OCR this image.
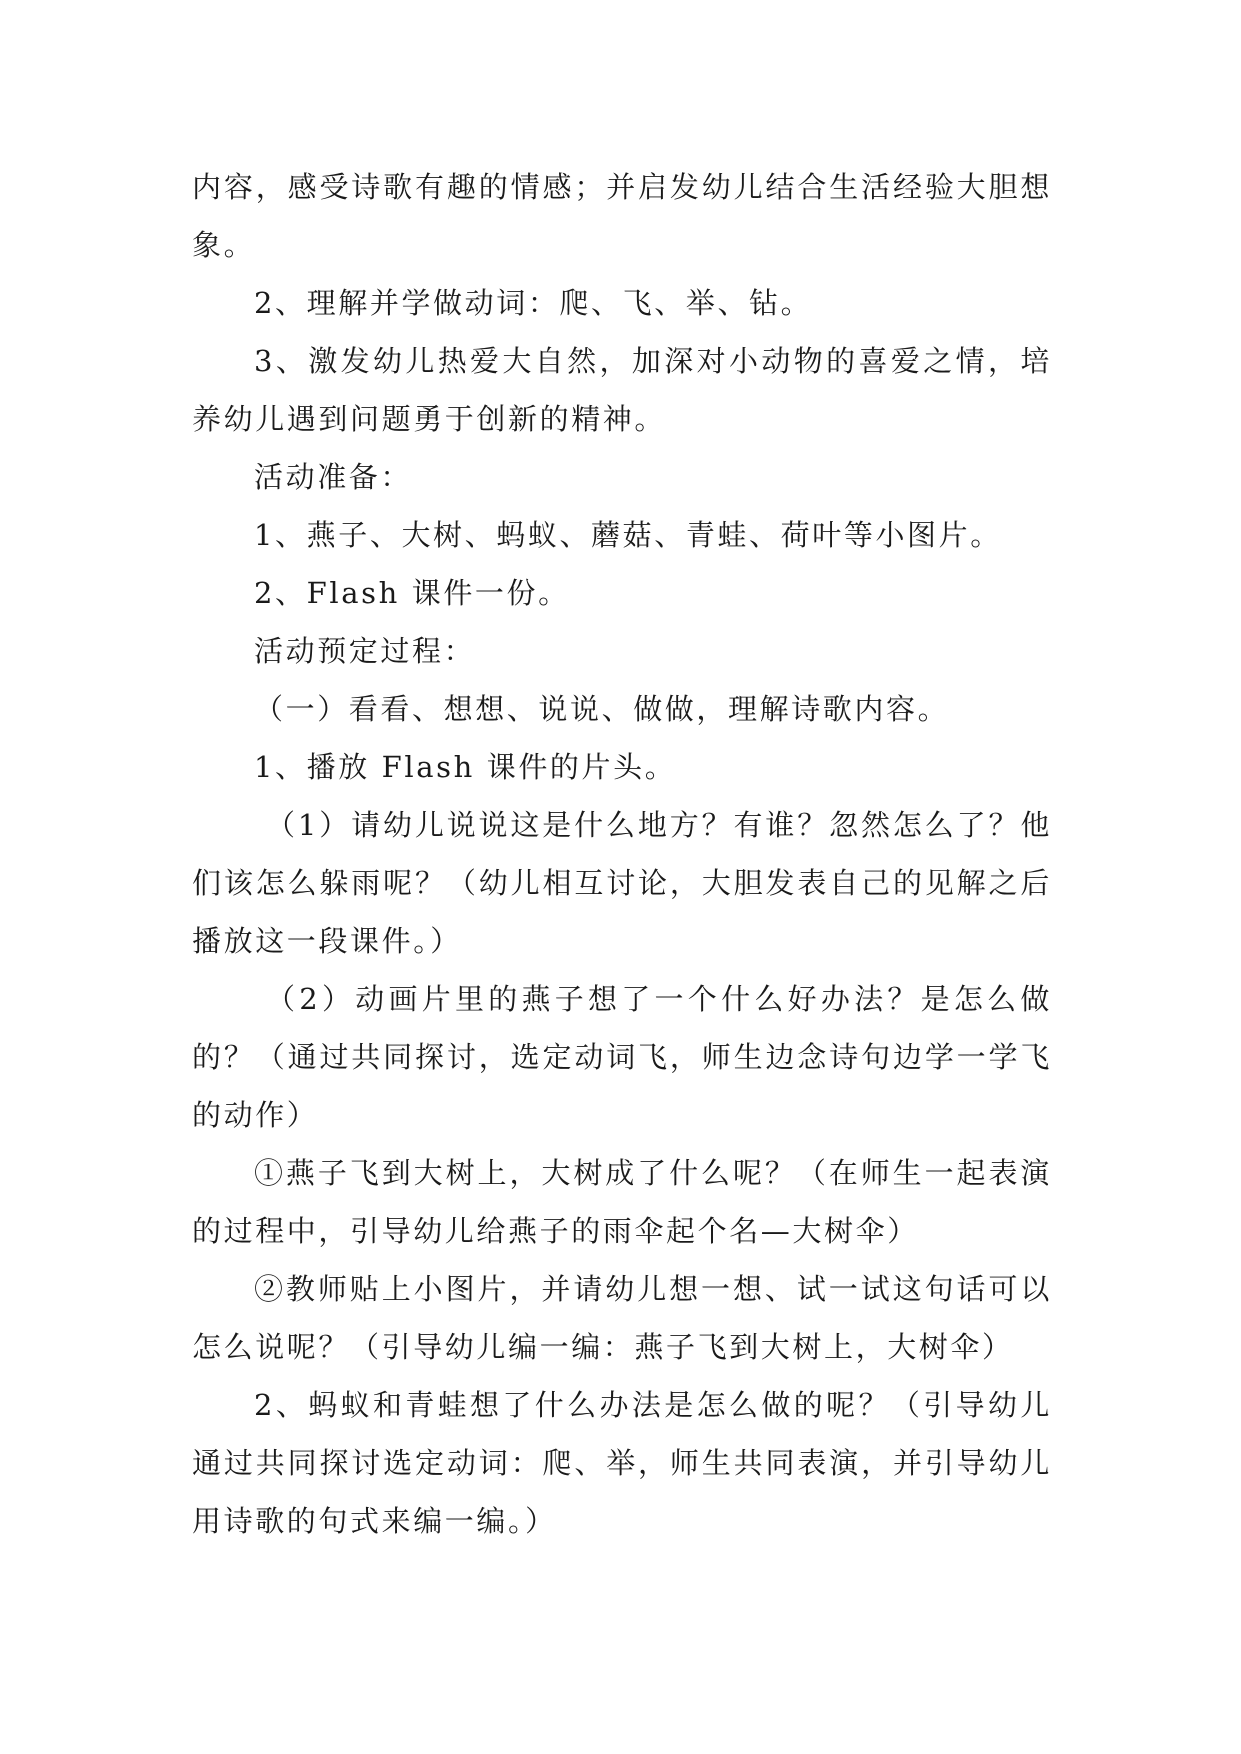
内容，感受诗歌有趣的情感；并启发幼儿结合生活经验大胆想象。

2、理解并学做动词：爬、飞、举、钻。

3、激发幼儿热爱大自然，加深对小动物的喜爱之情，培养幼儿遇到问题勇于创新的精神。

活动准备：

1、燕子、大树、蚂蚁、蘑菇、青蛙、荷叶等小图片。

2、Flash 课件一份。

活动预定过程：

（一）看看、想想、说说、做做，理解诗歌内容。

1、播放 Flash 课件的片头。

（1）请幼儿说说这是什么地方？有谁？忽然怎么了？他们该怎么躲雨呢？（幼儿相互讨论，大胆发表自己的见解之后播放这一段课件。）

（2）动画片里的燕子想了一个什么好办法？是怎么做的？（通过共同探讨，选定动词飞，师生边念诗句边学一学飞的动作）

①燕子飞到大树上，大树成了什么呢？（在师生一起表演的过程中，引导幼儿给燕子的雨伞起个名—大树伞）

②教师贴上小图片，并请幼儿想一想、试一试这句话可以怎么说呢？（引导幼儿编一编：燕子飞到大树上，大树伞）

2、蚂蚁和青蛙想了什么办法是怎么做的呢？（引导幼儿通过共同探讨选定动词：爬、举，师生共同表演，并引导幼儿用诗歌的句式来编一编。）
